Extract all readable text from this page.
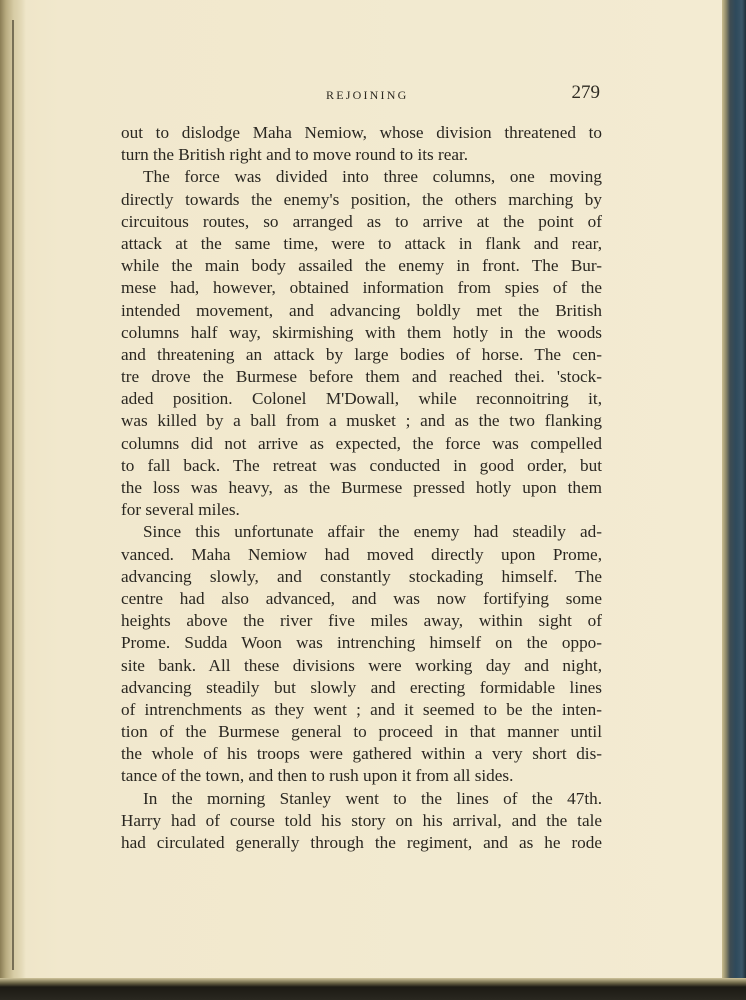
REJOINING	279
out to dislodge Maha Nemiow, whose division threatened to
turn the British right and to move round to its rear.
The force was divided into three columns, one moving
directly towards the enemy's position, the others marching by
circuitous routes, so arranged as to arrive at the point of
attack at the same time, were to attack in flank and rear,
while the main body assailed the enemy in front. The Bur-
mese had, however, obtained information from spies of the
intended movement, and advancing boldly met the British
columns half way, skirmishing with them hotly in the woods
and threatening an attack by large bodies of horse. The cen-
tre drove the Burmese before them and reached thei. 'stock-
aded position. Colonel M'Dowall, while reconnoitring it,
was killed by a ball from a musket ; and as the two flanking
columns did not arrive as expected, the force was compelled
to fall back. The retreat was conducted in good order, but
the loss was heavy, as the Burmese pressed hotly upon them
for several miles.
Since this unfortunate affair the enemy had steadily ad-
vanced. Maha Nemiow had moved directly upon Prome,
advancing slowly, and constantly stockading himself. The
centre had also advanced, and was now fortifying some
heights above the river five miles away, within sight of
Prome. Sudda Woon was intrenching himself on the oppo-
site bank. All these divisions were working day and night,
advancing steadily but slowly and erecting formidable lines
of intrenchments as they went ; and it seemed to be the inten-
tion of the Burmese general to proceed in that manner until
the whole of his troops were gathered within a very short dis-
tance of the town, and then to rush upon it from all sides.
In the morning Stanley went to the lines of the 47th.
Harry had of course told his story on his arrival, and the tale
had circulated generally through the regiment, and as he rode
